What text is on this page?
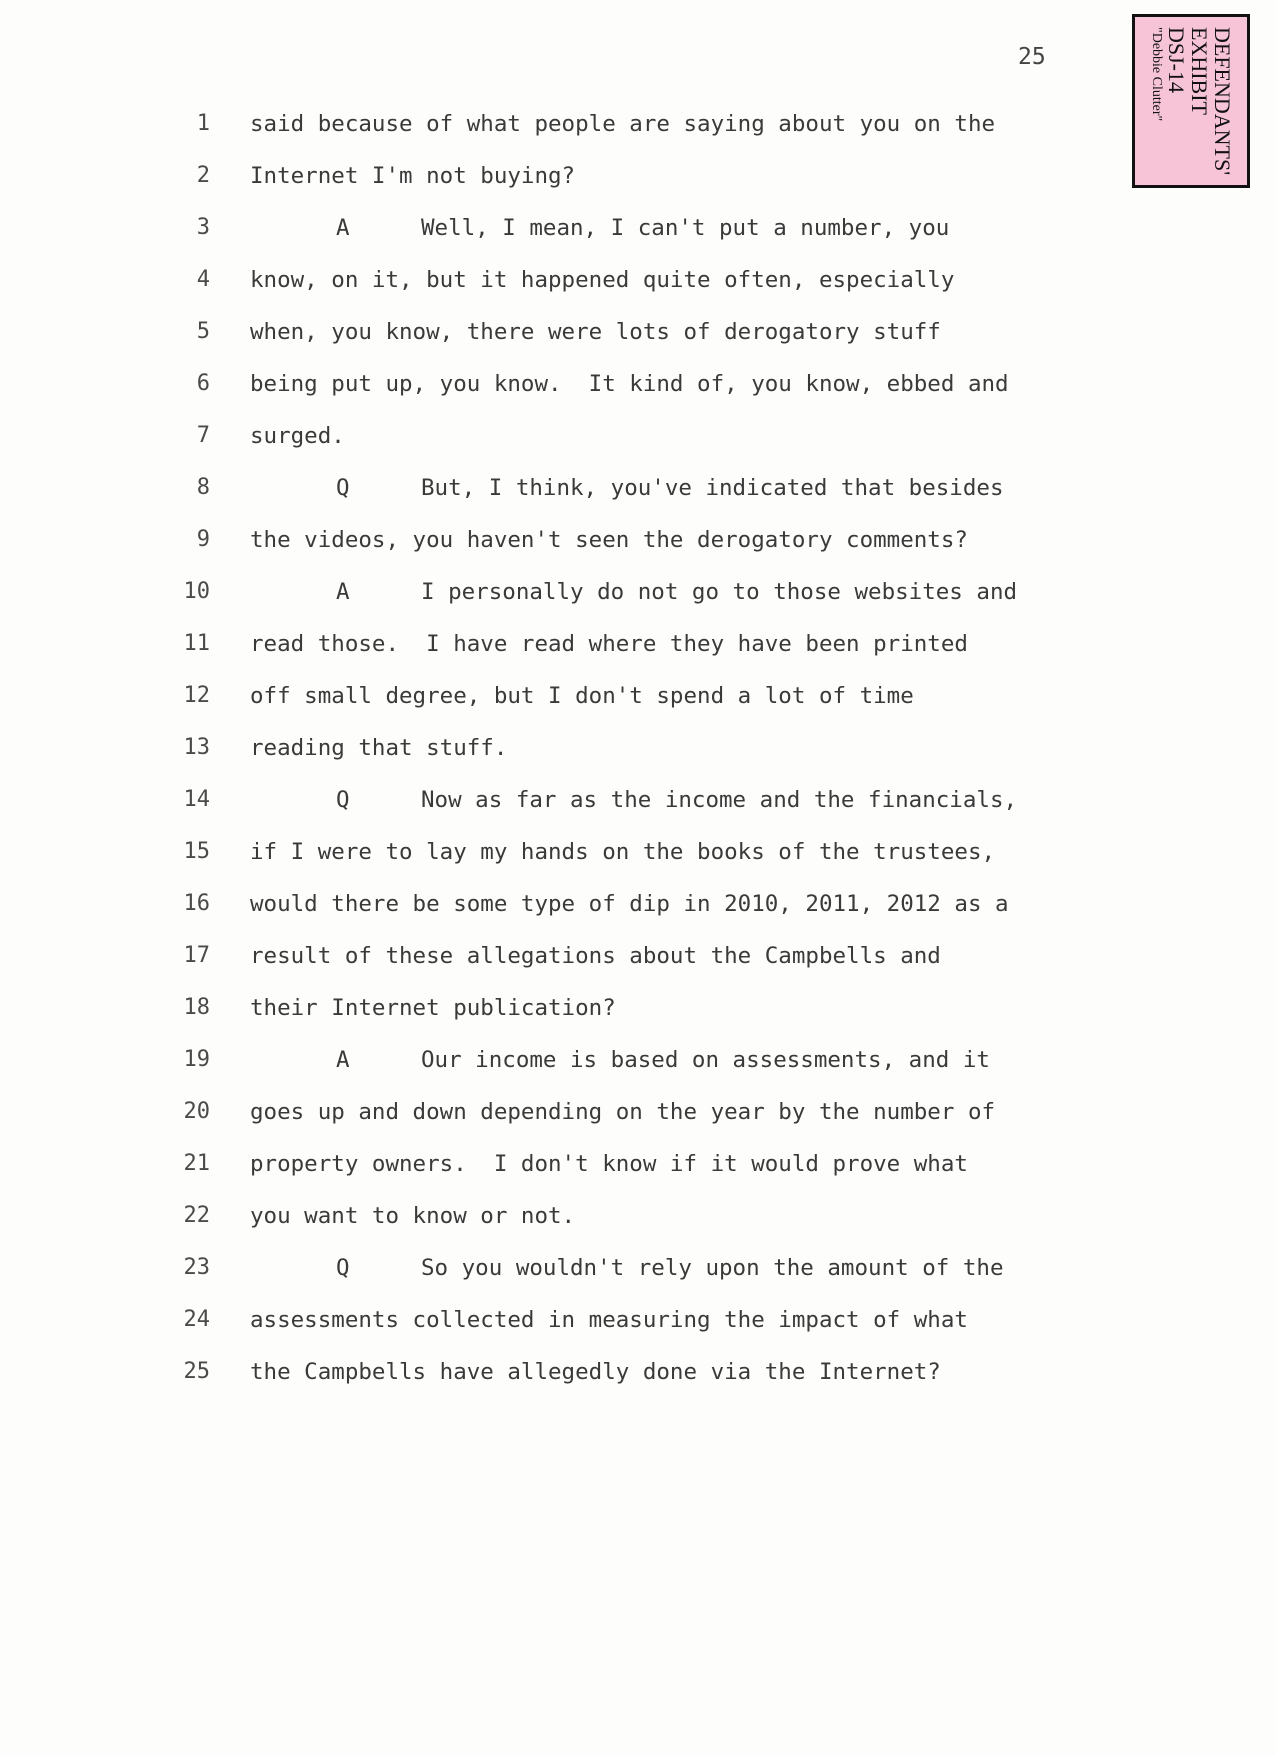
25	DEFENDANTS'
EXHIBIT
DSJ-14
"Debbie Clutter"
1 said because of what people are saying about you on the
2 Internet I'm not buying?
3	A	Well, I mean, I can't put a number, you
4 know, on it, but it happened quite often, especially
5 when, you know, there were lots of derogatory stuff
6 being put up, you know.  It kind of, you know, ebbed and
7 surged.
8	Q	But, I think, you've indicated that besides
9 the videos, you haven't seen the derogatory comments?
10	A	I personally do not go to those websites and
11 read those.  I have read where they have been printed
12 off small degree, but I don't spend a lot of time
13 reading that stuff.
14	Q	Now as far as the income and the financials,
15 if I were to lay my hands on the books of the trustees,
16 would there be some type of dip in 2010, 2011, 2012 as a
17 result of these allegations about the Campbells and
18 their Internet publication?
19	A	Our income is based on assessments, and it
20 goes up and down depending on the year by the number of
21 property owners.  I don't know if it would prove what
22 you want to know or not.
23	Q	So you wouldn't rely upon the amount of the
24 assessments collected in measuring the impact of what
25 the Campbells have allegedly done via the Internet?
